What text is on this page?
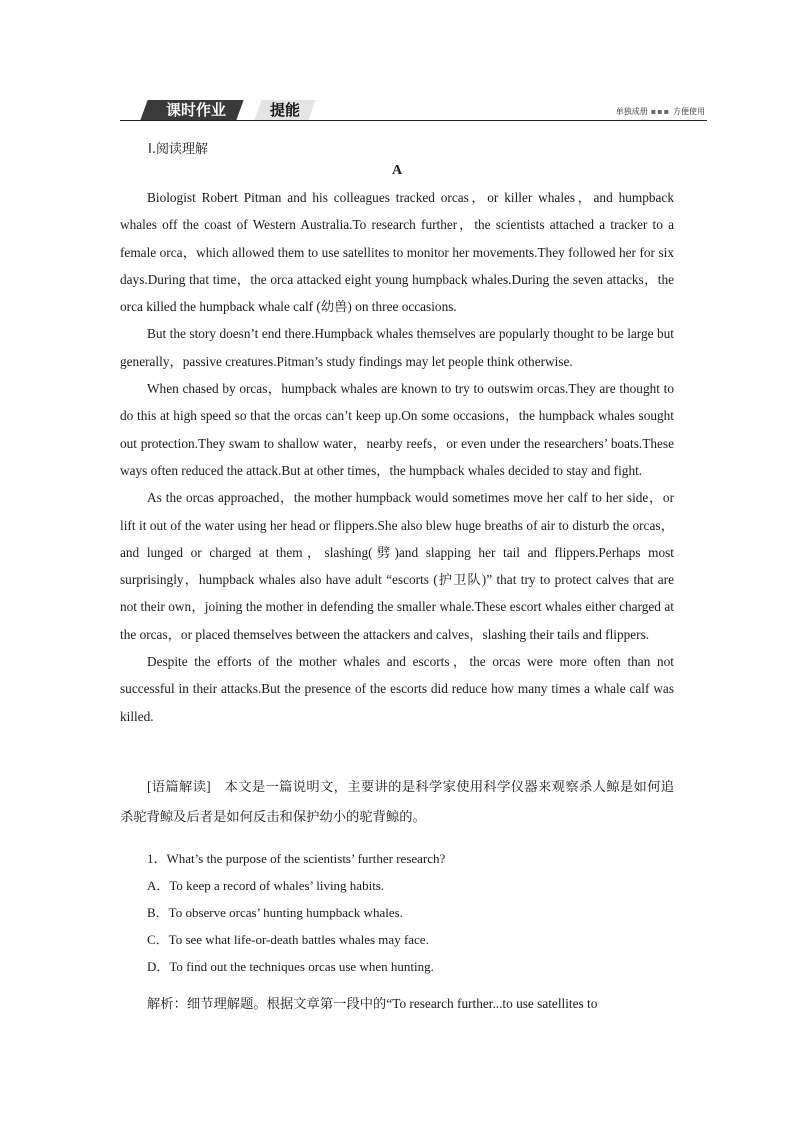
课时作业	提能	单独成册 ▪▪▪ 方便使用
Ⅰ.阅读理解
A

Biologist Robert Pitman and his colleagues tracked orcas，or killer whales，and humpback whales off the coast of Western Australia.To research further，the scientists attached a tracker to a female orca，which allowed them to use satellites to monitor her movements.They followed her for six days.During that time，the orca attacked eight young humpback whales.During the seven attacks，the orca killed the humpback whale calf (幼兽) on three occasions.

But the story doesn’t end there.Humpback whales themselves are popularly thought to be large but generally，passive creatures.Pitman’s study findings may let people think otherwise.

When chased by orcas，humpback whales are known to try to outswim orcas.They are thought to do this at high speed so that the orcas can’t keep up.On some occasions，the humpback whales sought out protection.They swam to shallow water，nearby reefs，or even under the researchers’ boats.These ways often reduced the attack.But at other times，the humpback whales decided to stay and fight.

As the orcas approached，the mother humpback would sometimes move her calf to her side，or lift it out of the water using her head or flippers.She also blew huge breaths of air to disturb the orcas，and lunged or charged at them，slashing(劈)and slapping her tail and flippers.Perhaps most surprisingly，humpback whales also have adult “escorts (护卫队)” that try to protect calves that are not their own，joining the mother in defending the smaller whale.These escort whales either charged at the orcas，or placed themselves between the attackers and calves，slashing their tails and flippers.

Despite the efforts of the mother whales and escorts，the orcas were more often than not successful in their attacks.But the presence of the escorts did reduce how many times a whale calf was killed.

[语篇解读]　本文是一篇说明文，主要讲的是科学家使用科学仪器来观察杀人鲸是如何追杀驼背鲸及后者是如何反击和保护幼小的驼背鲸的。

1．What’s the purpose of the scientists’ further research?

A．To keep a record of whales’ living habits.

B．To observe orcas’ hunting humpback whales.

C．To see what life-or-death battles whales may face.

D．To find out the techniques orcas use when hunting.

解析：细节理解题。根据文章第一段中的“To research further...to use satellites to
